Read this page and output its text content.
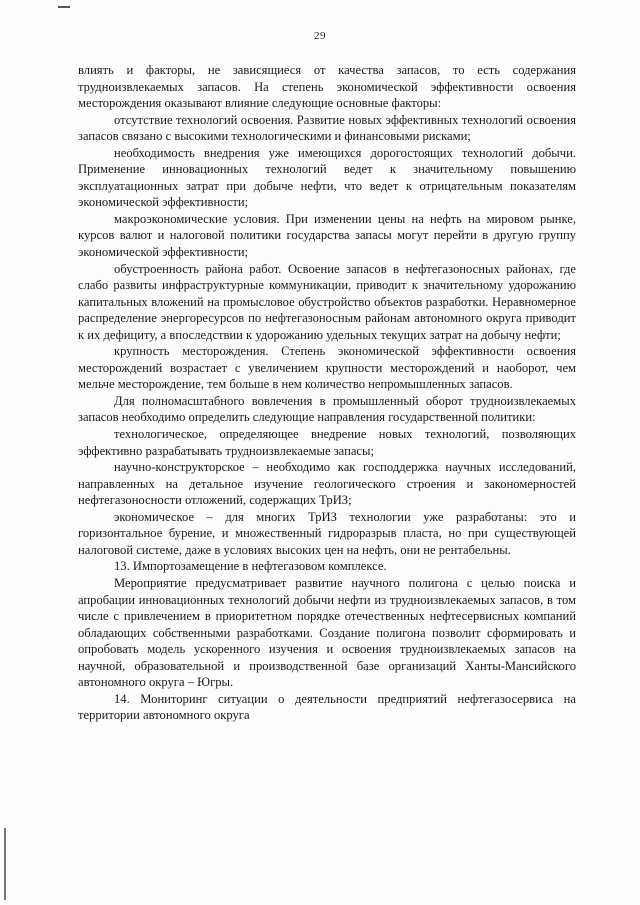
29

влиять и факторы, не зависящиеся от качества запасов, то есть содержания трудноизвлекаемых запасов. На степень экономической эффективности освоения месторождения оказывают влияние следующие основные факторы:

отсутствие технологий освоения. Развитие новых эффективных технологий освоения запасов связано с высокими технологическими и финансовыми рисками;

необходимость внедрения уже имеющихся дорогостоящих технологий добычи. Применение инновационных технологий ведет к значительному повышению эксплуатационных затрат при добыче нефти, что ведет к отрицательным показателям экономической эффективности;

макроэкономические условия. При изменении цены на нефть на мировом рынке, курсов валют и налоговой политики государства запасы могут перейти в другую группу экономической эффективности;

обустроенность района работ. Освоение запасов в нефтегазоносных районах, где слабо развиты инфраструктурные коммуникации, приводит к значительному удорожанию капитальных вложений на промысловое обустройство объектов разработки. Неравномерное распределение энергоресурсов по нефтегазоносным районам автономного округа приводит к их дефициту, а впоследствии к удорожанию удельных текущих затрат на добычу нефти;

крупность месторождения. Степень экономической эффективности освоения месторождений возрастает с увеличением крупности месторождений и наоборот, чем мельче месторождение, тем больше в нем количество непромышленных запасов.

Для полномасштабного вовлечения в промышленный оборот трудноизвлекаемых запасов необходимо определить следующие направления государственной политики:

технологическое, определяющее внедрение новых технологий, позволяющих эффективно разрабатывать трудноизвлекаемые запасы;

научно-конструкторское – необходимо как господдержка научных исследований, направленных на детальное изучение геологического строения и закономерностей нефтегазоносности отложений, содержащих ТрИЗ;

экономическое – для многих ТрИЗ технологии уже разработаны: это и горизонтальное бурение, и множественный гидроразрыв пласта, но при существующей налоговой системе, даже в условиях высоких цен на нефть, они не рентабельны.

13. Импортозамещение в нефтегазовом комплексе.

Мероприятие предусматривает развитие научного полигона с целью поиска и апробации инновационных технологий добычи нефти из трудноизвлекаемых запасов, в том числе с привлечением в приоритетном порядке отечественных нефтесервисных компаний обладающих собственными разработками. Создание полигона позволит сформировать и опробовать модель ускоренного изучения и освоения трудноизвлекаемых запасов на научной, образовательной и производственной базе организаций Ханты-Мансийского автономного округа – Югры.

14. Мониторинг ситуации о деятельности предприятий нефтегазосервиса на территории автономного округа
